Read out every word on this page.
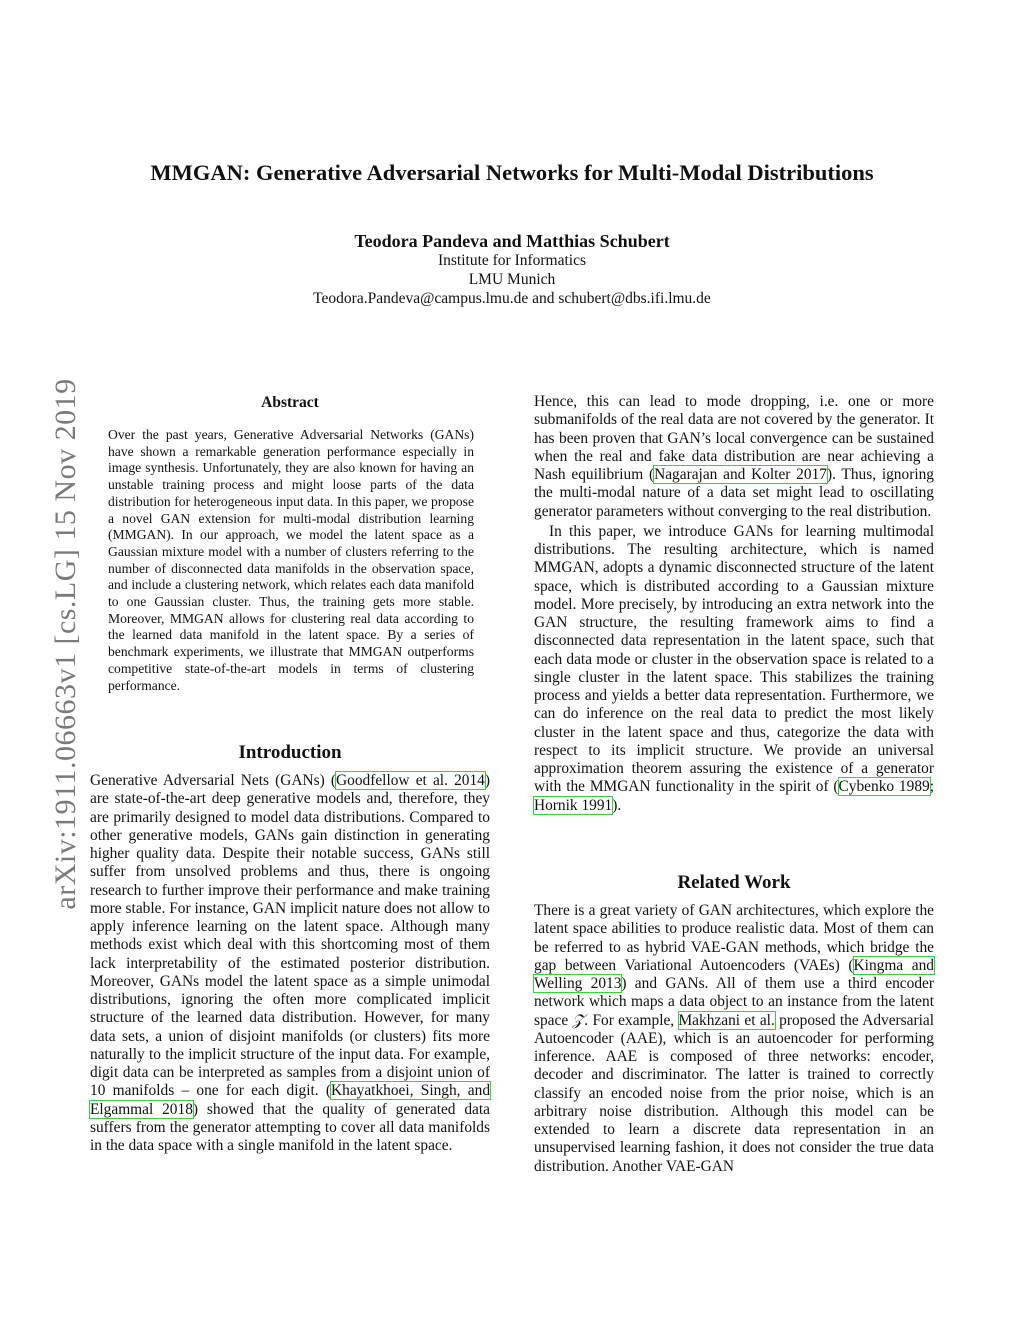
arXiv:1911.06663v1 [cs.LG] 15 Nov 2019
MMGAN: Generative Adversarial Networks for Multi-Modal Distributions
Teodora Pandeva and Matthias Schubert
Institute for Informatics
LMU Munich
Teodora.Pandeva@campus.lmu.de and schubert@dbs.ifi.lmu.de
Abstract

Over the past years, Generative Adversarial Networks (GANs) have shown a remarkable generation performance especially in image synthesis. Unfortunately, they are also known for having an unstable training process and might loose parts of the data distribution for heterogeneous input data. In this paper, we propose a novel GAN extension for multi-modal distribution learning (MMGAN). In our approach, we model the latent space as a Gaussian mixture model with a number of clusters referring to the number of disconnected data manifolds in the observation space, and include a clustering network, which relates each data manifold to one Gaussian cluster. Thus, the training gets more stable. Moreover, MMGAN allows for clustering real data according to the learned data manifold in the latent space. By a series of benchmark experiments, we illustrate that MMGAN outperforms competitive state-of-the-art models in terms of clustering performance.

Introduction

Generative Adversarial Nets (GANs) (Goodfellow et al. 2014) are state-of-the-art deep generative models and, therefore, they are primarily designed to model data distributions. Compared to other generative models, GANs gain distinction in generating higher quality data. Despite their notable success, GANs still suffer from unsolved problems and thus, there is ongoing research to further improve their performance and make training more stable. For instance, GAN implicit nature does not allow to apply inference learning on the latent space. Although many methods exist which deal with this shortcoming most of them lack interpretability of the estimated posterior distribution. Moreover, GANs model the latent space as a simple unimodal distributions, ignoring the often more complicated implicit structure of the learned data distribution. However, for many data sets, a union of disjoint manifolds (or clusters) fits more naturally to the implicit structure of the input data. For example, digit data can be interpreted as samples from a disjoint union of 10 manifolds – one for each digit. (Khayatkhoei, Singh, and Elgammal 2018) showed that the quality of generated data suffers from the generator attempting to cover all data manifolds in the data space with a single manifold in the latent space.

Hence, this can lead to mode dropping, i.e. one or more submanifolds of the real data are not covered by the generator. It has been proven that GAN’s local convergence can be sustained when the real and fake data distribution are near achieving a Nash equilibrium (Nagarajan and Kolter 2017). Thus, ignoring the multi-modal nature of a data set might lead to oscillating generator parameters without converging to the real distribution.

In this paper, we introduce GANs for learning multimodal distributions. The resulting architecture, which is named MMGAN, adopts a dynamic disconnected structure of the latent space, which is distributed according to a Gaussian mixture model. More precisely, by introducing an extra network into the GAN structure, the resulting framework aims to find a disconnected data representation in the latent space, such that each data mode or cluster in the observation space is related to a single cluster in the latent space. This stabilizes the training process and yields a better data representation. Furthermore, we can do inference on the real data to predict the most likely cluster in the latent space and thus, categorize the data with respect to its implicit structure. We provide an universal approximation theorem assuring the existence of a generator with the MMGAN functionality in the spirit of (Cybenko 1989; Hornik 1991).

Related Work

There is a great variety of GAN architectures, which explore the latent space abilities to produce realistic data. Most of them can be referred to as hybrid VAE-GAN methods, which bridge the gap between Variational Autoencoders (VAEs) (Kingma and Welling 2013) and GANs. All of them use a third encoder network which maps a data object to an instance from the latent space 𝒵. For example, Makhzani et al. proposed the Adversarial Autoencoder (AAE), which is an autoencoder for performing inference. AAE is composed of three networks: encoder, decoder and discriminator. The latter is trained to correctly classify an encoded noise from the prior noise, which is an arbitrary noise distribution. Although this model can be extended to learn a discrete data representation in an unsupervised learning fashion, it does not consider the true data distribution. Another VAE-GAN
